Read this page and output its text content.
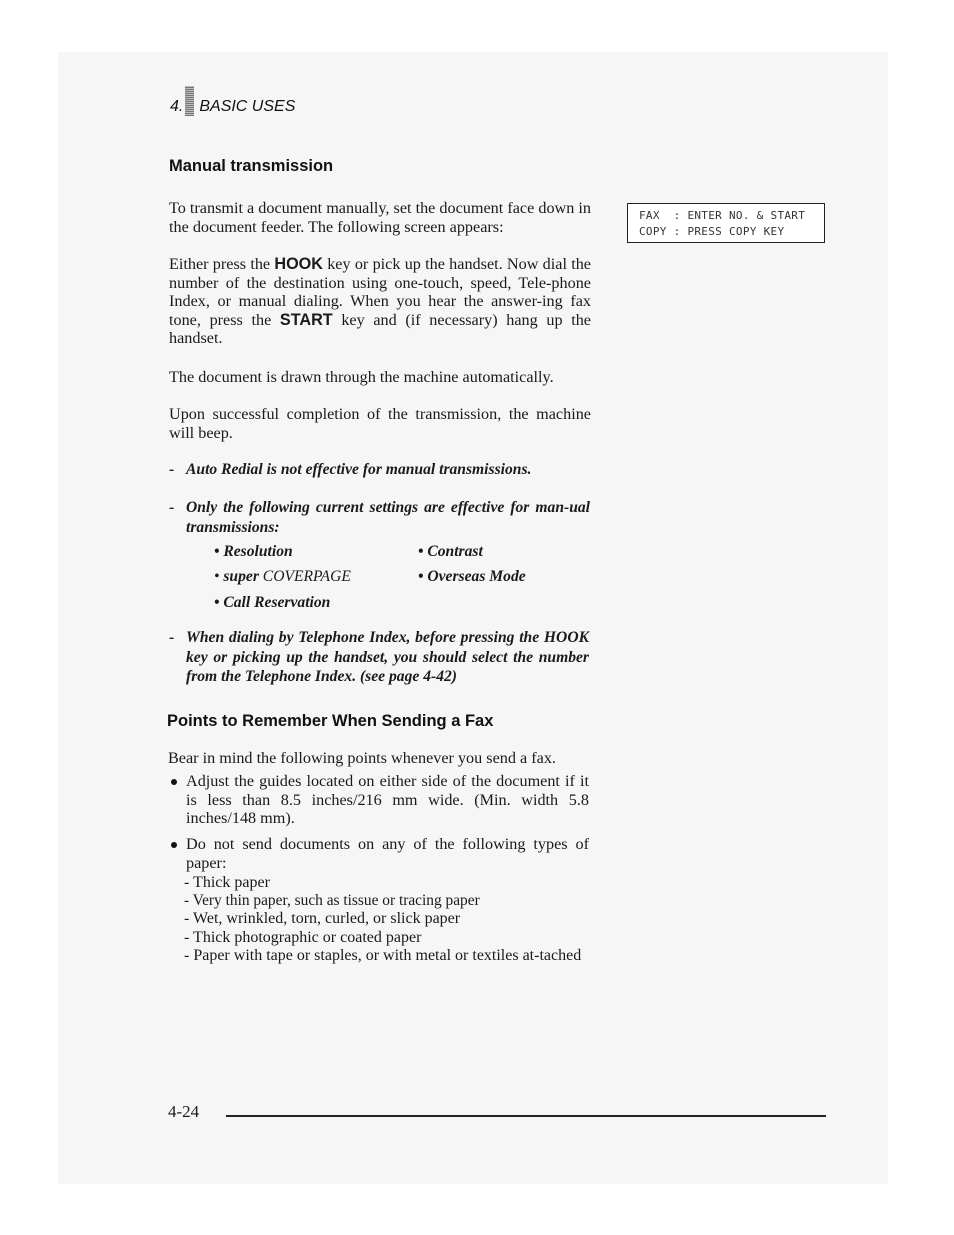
4. BASIC USES
Manual transmission
To transmit a document manually, set the document face down in the document feeder. The following screen appears:
FAX  : ENTER NO. & START
COPY : PRESS COPY KEY
Either press the HOOK key or pick up the handset. Now dial the number of the destination using one-touch, speed, Tele-phone Index, or manual dialing. When you hear the answer-ing fax tone, press the START key and (if necessary) hang up the handset.
The document is drawn through the machine automatically.
Upon successful completion of the transmission, the machine will beep.
- Auto Redial is not effective for manual transmissions.
- Only the following current settings are effective for man-ual transmissions:
• Resolution	• Contrast
• super COVERPAGE	• Overseas Mode
• Call Reservation
- When dialing by Telephone Index, before pressing the HOOK key or picking up the handset, you should select the number from the Telephone Index. (see page 4-42)
Points to Remember When Sending a Fax
Bear in mind the following points whenever you send a fax.
Adjust the guides located on either side of the document if it is less than 8.5 inches/216 mm wide. (Min. width 5.8 inches/148 mm).
Do not send documents on any of the following types of paper:
- Thick paper
- Very thin paper, such as tissue or tracing paper
- Wet, wrinkled, torn, curled, or slick paper
- Thick photographic or coated paper
- Paper with tape or staples, or with metal or textiles at-tached
4-24
